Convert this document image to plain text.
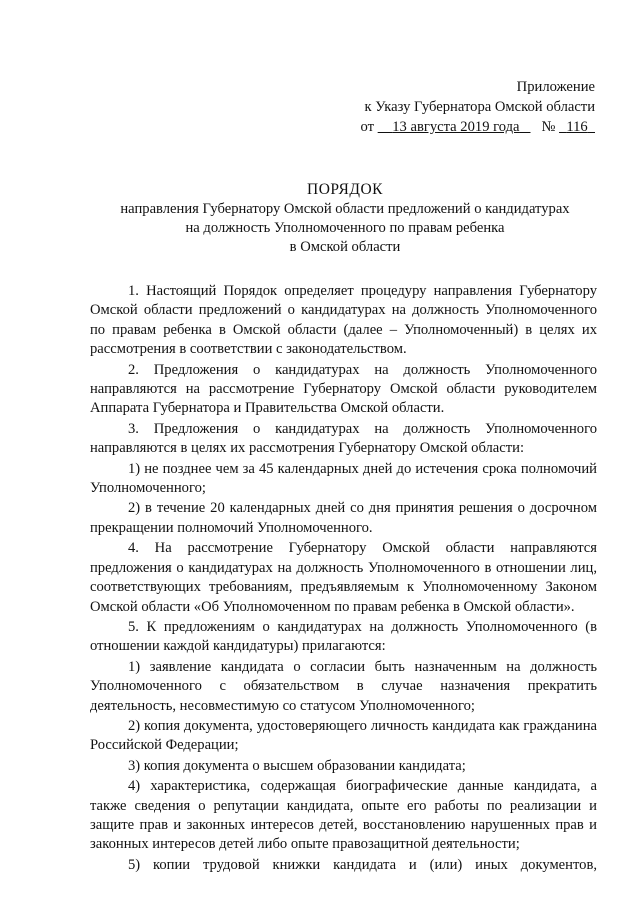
Приложение
к Указу Губернатора Омской области
от 13 августа 2019 года № 116
ПОРЯДОК
направления Губернатору Омской области предложений о кандидатурах
на должность Уполномоченного по правам ребенка
в Омской области

1. Настоящий Порядок определяет процедуру направления Губернатору Омской области предложений о кандидатурах на должность Уполномоченного по правам ребенка в Омской области (далее – Уполномоченный) в целях их рассмотрения в соответствии с законодательством.

2. Предложения о кандидатурах на должность Уполномоченного направляются на рассмотрение Губернатору Омской области руководителем Аппарата Губернатора и Правительства Омской области.

3. Предложения о кандидатурах на должность Уполномоченного направляются в целях их рассмотрения Губернатору Омской области:

1) не позднее чем за 45 календарных дней до истечения срока полномочий Уполномоченного;

2) в течение 20 календарных дней со дня принятия решения о досрочном прекращении полномочий Уполномоченного.

4. На рассмотрение Губернатору Омской области направляются предложения о кандидатурах на должность Уполномоченного в отношении лиц, соответствующих требованиям, предъявляемым к Уполномоченному Законом Омской области «Об Уполномоченном по правам ребенка в Омской области».

5. К предложениям о кандидатурах на должность Уполномоченного (в отношении каждой кандидатуры) прилагаются:

1) заявление кандидата о согласии быть назначенным на должность Уполномоченного с обязательством в случае назначения прекратить деятельность, несовместимую со статусом Уполномоченного;

2) копия документа, удостоверяющего личность кандидата как гражданина Российской Федерации;

3) копия документа о высшем образовании кандидата;

4) характеристика, содержащая биографические данные кандидата, а также сведения о репутации кандидата, опыте его работы по реализации и защите прав и законных интересов детей, восстановлению нарушенных прав и законных интересов детей либо опыте правозащитной деятельности;

5) копии трудовой книжки кандидата и (или) иных документов,
